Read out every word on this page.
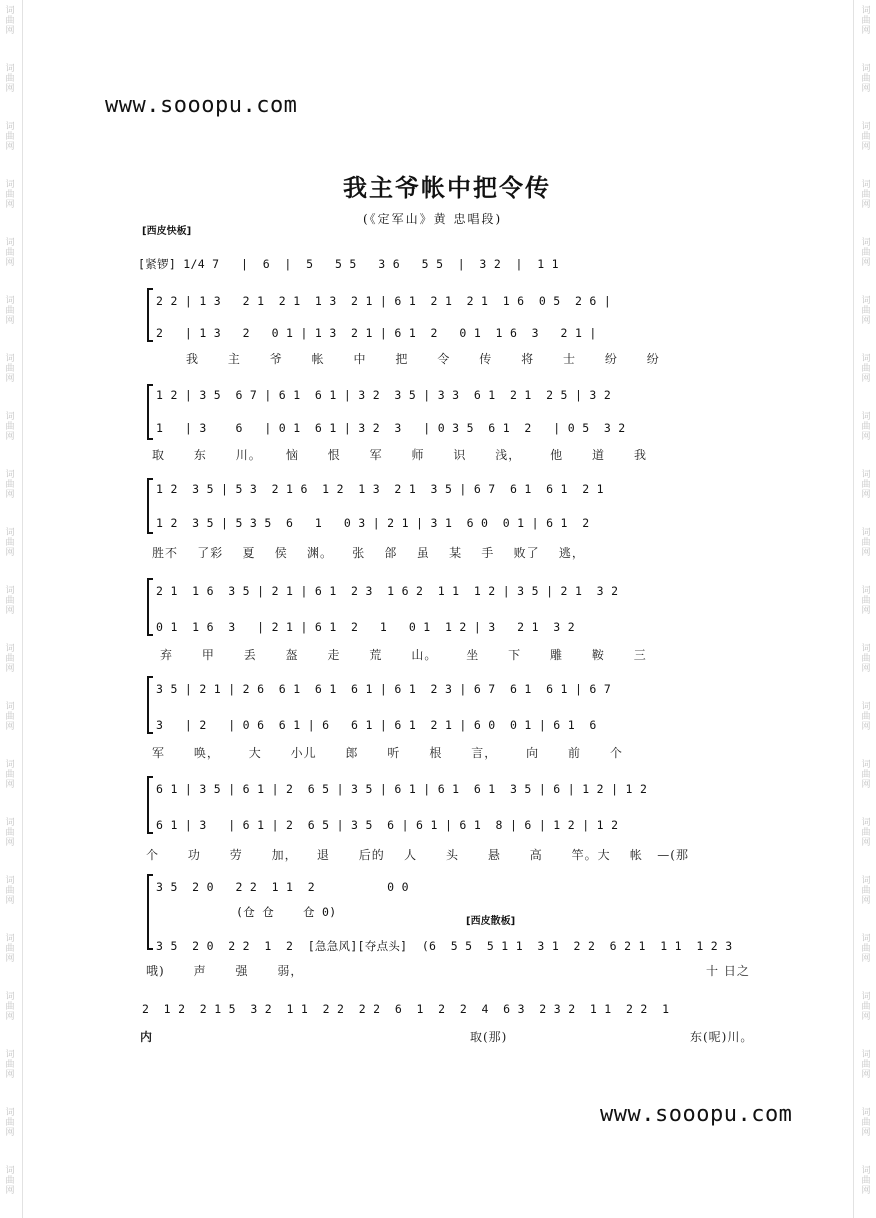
词
曲
网
词
曲
网
词
曲
网
词
曲
网
词
曲
网
词
曲
网
词
曲
网
词
曲
网
词
曲
网
词
曲
网
词
曲
网
词
曲
网
词
曲
网
词
曲
网
词
曲
网
词
曲
网
词
曲
网
词
曲
网
词
曲
网
词
曲
网
词
曲
网
词
曲
网
词
曲
网
词
曲
网
词
曲
网
词
曲
网
词
曲
网
词
曲
网
词
曲
网
词
曲
网
词
曲
网
词
曲
网
词
曲
网
词
曲
网
词
曲
网
词
曲
网
词
曲
网
词
曲
网
词
曲
网
词
曲
网
词
曲
网
词
曲
网
www.sooopu.com

我主爷帐中把令传
(《定军山》黄 忠唱段)
[西皮快板]
[紧锣] 1/4 7   |  6  |  5   5 5   3 6   5 5  |  3 2  |  1 1
2 2 | 1 3   2 1  2 1  1 3  2 1 | 6 1  2 1  2 1  1 6  0 5  2 6 |
2   | 1 3   2   0 1 | 1 3  2 1 | 6 1  2   0 1  1 6  3   2 1 |
我      主      爷      帐      中      把      令      传      将      士      纷      纷
1 2 | 3 5  6 7 | 6 1  6 1 | 3 2  3 5 | 3 3  6 1  2 1  2 5 | 3 2
1   | 3    6   | 0 1  6 1 | 3 2  3   | 0 3 5  6 1  2   | 0 5  3 2
取      东      川。     恼      恨      军      师      识      浅，      他      道      我
1 2  3 5 | 5 3  2 1 6  1 2  1 3  2 1  3 5 | 6 7  6 1  6 1  2 1
1 2  3 5 | 5 3 5  6   1   0 3 | 2 1 | 3 1  6 0  0 1 | 6 1  2
胜不    了彩    夏    侯    渊。    张    郃    虽    某    手    败了    逃，
2 1  1 6  3 5 | 2 1 | 6 1  2 3  1 6 2  1 1  1 2 | 3 5 | 2 1  3 2
0 1  1 6  3   | 2 1 | 6 1  2   1   0 1  1 2 | 3   2 1  3 2
弃      甲      丢      盔      走      荒      山。      坐      下      雕      鞍      三
3 5 | 2 1 | 2 6  6 1  6 1  6 1 | 6 1  2 3 | 6 7  6 1  6 1 | 6 7
3   | 2   | 0 6  6 1 | 6   6 1 | 6 1  2 1 | 6 0  0 1 | 6 1  6
军      唤，      大      小儿      郎      听      根      言，      向      前      个
6 1 | 3 5 | 6 1 | 2  6 5 | 3 5 | 6 1 | 6 1  6 1  3 5 | 6 | 1 2 | 1 2
6 1 | 3   | 6 1 | 2  6 5 | 3 5  6 | 6 1 | 6 1  8 | 6 | 1 2 | 1 2
个      功      劳      加，    退      后的    人      头      悬      高      竿。大    帐   —(那
3 5  2 0   2 2  1 1  2          0 0
(仓 仓    仓 0)
[西皮散板]
3 5  2 0  2 2  1  2  [急急风][夺点头]  (6  5 5  5 1 1  3 1  2 2  6 2 1  1 1  1 2 3
哦)      声      强      弱，	十 日之
2  1 2  2 1 5  3 2  1 1  2 2  2 2  6  1  2  2  4  6 3  2 3 2  1 1  2 2  1
内	取(那)	东(呢)川。
www.sooopu.com
